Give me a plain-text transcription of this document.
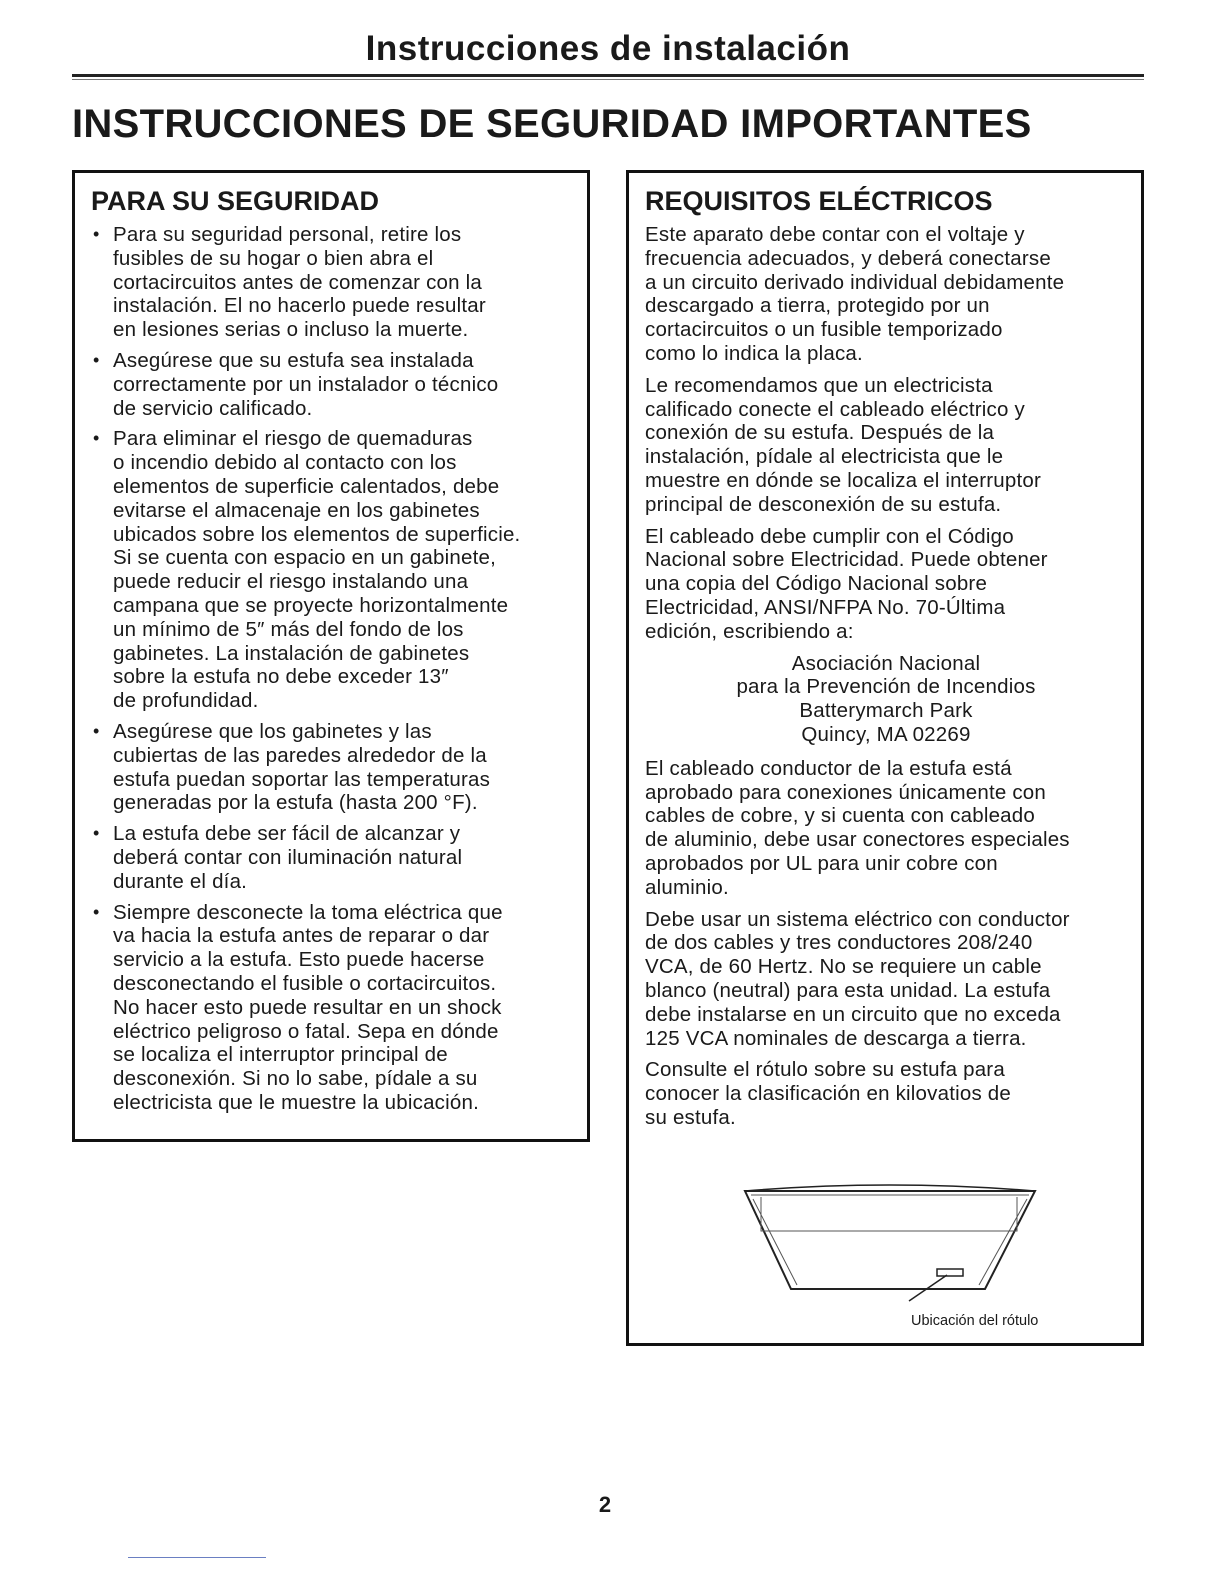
Instrucciones de instalación
INSTRUCCIONES DE SEGURIDAD IMPORTANTES
PARA SU SEGURIDAD
• Para su seguridad personal, retire los
fusibles de su hogar o bien abra el
cortacircuitos antes de comenzar con la
instalación. El no hacerlo puede resultar
en lesiones serias o incluso la muerte.
• Asegúrese que su estufa sea instalada
correctamente por un instalador o técnico
de servicio calificado.
• Para eliminar el riesgo de quemaduras
o incendio debido al contacto con los
elementos de superficie calentados, debe
evitarse el almacenaje en los gabinetes
ubicados sobre los elementos de superficie.
Si se cuenta con espacio en un gabinete,
puede reducir el riesgo instalando una
campana que se proyecte horizontalmente
un mínimo de 5″ más del fondo de los
gabinetes. La instalación de gabinetes
sobre la estufa no debe exceder 13″
de profundidad.
• Asegúrese que los gabinetes y las
cubiertas de las paredes alrededor de la
estufa puedan soportar las temperaturas
generadas por la estufa (hasta 200 °F).
• La estufa debe ser fácil de alcanzar y
deberá contar con iluminación natural
durante el día.
• Siempre desconecte la toma eléctrica que
va hacia la estufa antes de reparar o dar
servicio a la estufa. Esto puede hacerse
desconectando el fusible o cortacircuitos.
No hacer esto puede resultar en un shock
eléctrico peligroso o fatal. Sepa en dónde
se localiza el interruptor principal de
desconexión. Si no lo sabe, pídale a su
electricista que le muestre la ubicación.
REQUISITOS ELÉCTRICOS

Este aparato debe contar con el voltaje y
frecuencia adecuados, y deberá conectarse
a un circuito derivado individual debidamente
descargado a tierra, protegido por un
cortacircuitos o un fusible temporizado
como lo indica la placa.

Le recomendamos que un electricista
calificado conecte el cableado eléctrico y
conexión de su estufa. Después de la
instalación, pídale al electricista que le
muestre en dónde se localiza el interruptor
principal de desconexión de su estufa.

El cableado debe cumplir con el Código
Nacional sobre Electricidad. Puede obtener
una copia del Código Nacional sobre
Electricidad, ANSI/NFPA No. 70-Última
edición, escribiendo a:

Asociación Nacional
para la Prevención de Incendios
Batterymarch Park
Quincy, MA 02269

El cableado conductor de la estufa está
aprobado para conexiones únicamente con
cables de cobre, y si cuenta con cableado
de aluminio, debe usar conectores especiales
aprobados por UL para unir cobre con
aluminio.

Debe usar un sistema eléctrico con conductor
de dos cables y tres conductores 208/240
VCA, de 60 Hertz. No se requiere un cable
blanco (neutral) para esta unidad. La estufa
debe instalarse en un circuito que no exceda
125 VCA nominales de descarga a tierra.

Consulte el rótulo sobre su estufa para
conocer la clasificación en kilovatios de
su estufa.

Ubicación del rótulo
2
